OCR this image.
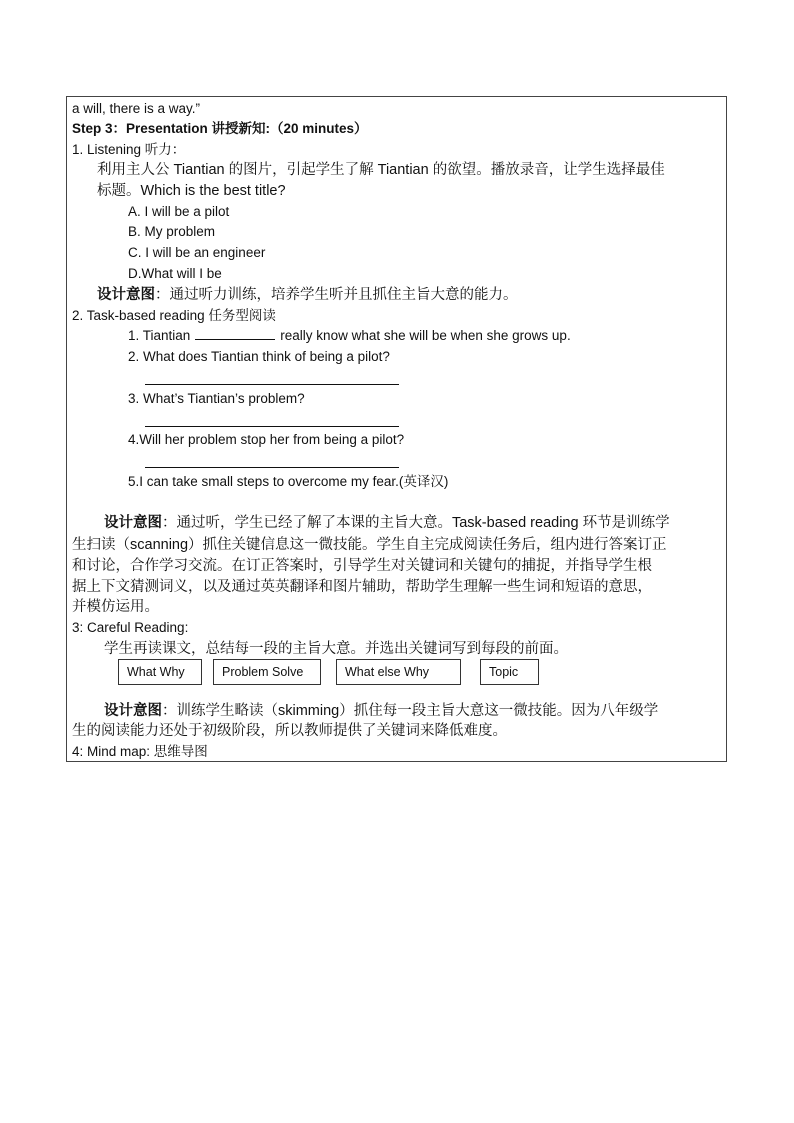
a will, there is a way.”
Step 3：Presentation 讲授新知:（20 minutes）
1. Listening 听力：
利用主人公 Tiantian 的图片，引起学生了解 Tiantian 的欲望。播放录音，让学生选择最佳
标题。Which is the best title?
A. I will be a pilot
B. My problem
C. I will be an engineer
D.What will I be
设计意图：通过听力训练，培养学生听并且抓住主旨大意的能力。
2. Task-based reading 任务型阅读
1. Tiantian	really know what she will be when she grows up.
2. What does Tiantian think of being a pilot?
3. What’s Tiantian’s problem?
4.Will her problem stop her from being a pilot?
5.I can take small steps to overcome my fear.(英译汉)
设计意图：通过听，学生已经了解了本课的主旨大意。Task-based reading 环节是训练学
生扫读（scanning）抓住关键信息这一微技能。学生自主完成阅读任务后，组内进行答案订正
和讨论，合作学习交流。在订正答案时，引导学生对关键词和关键句的捕捉，并指导学生根
据上下文猜测词义，以及通过英英翻译和图片辅助，帮助学生理解一些生词和短语的意思，
并模仿运用。
3: Careful Reading:
学生再读课文，总结每一段的主旨大意。并选出关键词写到每段的前面。
What Why	Problem Solve	What else Why	Topic
设计意图：训练学生略读（skimming）抓住每一段主旨大意这一微技能。因为八年级学
生的阅读能力还处于初级阶段，所以教师提供了关键词来降低难度。
4: Mind map: 思维导图
